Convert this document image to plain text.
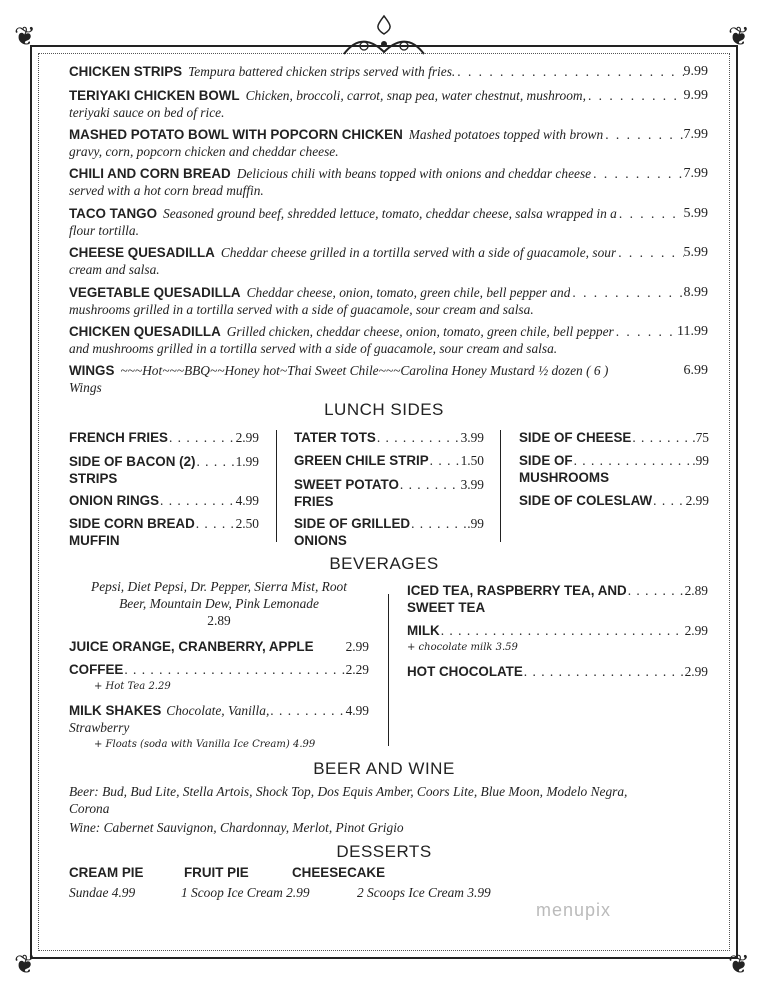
❦	❦
❦	❦
CHICKEN STRIPS Tempura battered chicken strips served with fries. . . .	9.99
TERIYAKI CHICKEN BOWL Chicken, broccoli, carrot, snap pea, water chestnut, mushroom, . . .	9.99
teriyaki sauce on bed of rice.
MASHED POTATO BOWL WITH POPCORN CHICKEN Mashed potatoes topped with brown . . .	7.99
gravy, corn, popcorn chicken and cheddar cheese.
CHILI AND CORN BREAD Delicious chili with beans topped with onions and cheddar cheese . . .	7.99
served with a hot corn bread muffin.
TACO TANGO Seasoned ground beef, shredded lettuce, tomato, cheddar cheese, salsa wrapped in a . . .	5.99
flour tortilla.
CHEESE QUESADILLA Cheddar cheese grilled in a tortilla served with a side of guacamole, sour . . .	5.99
cream and salsa.
VEGETABLE QUESADILLA Cheddar cheese, onion, tomato, green chile, bell pepper and . . .	8.99
mushrooms grilled in a tortilla served with a side of guacamole, sour cream and salsa.
CHICKEN QUESADILLA Grilled chicken, cheddar cheese, onion, tomato, green chile, bell pepper . . .	11.99
and mushrooms grilled in a tortilla served with a side of guacamole, sour cream and salsa.
WINGS ~~~Hot~~~BBQ~~Honey hot~Thai Sweet Chile~~~Carolina Honey Mustard ½ dozen ( 6 )	6.99
Wings
LUNCH SIDES
FRENCH FRIES . . .	2.99
SIDE OF BACON (2) . . .	1.99
STRIPS
ONION RINGS . . .	4.99
SIDE CORN BREAD . . .	2.50
MUFFIN
TATER TOTS . . .	3.99
GREEN CHILE STRIP . . . 1.50
SWEET POTATO . . .	3.99
FRIES
SIDE OF GRILLED . . .	.99
ONIONS
SIDE OF CHEESE . . .	.75
SIDE OF . . .	.99
MUSHROOMS
SIDE OF COLESLAW . . . 2.99
BEVERAGES
Pepsi, Diet Pepsi, Dr. Pepper, Sierra Mist, Root
Beer, Mountain Dew, Pink Lemonade
2.89
JUICE ORANGE, CRANBERRY, APPLE	2.99
COFFEE . . .	2.29
+ Hot Tea 2.29
MILK SHAKES Chocolate, Vanilla, . . .	4.99
Strawberry
+ Floats (soda with Vanilla Ice Cream) 4.99
ICED TEA, RASPBERRY TEA, AND . . .	2.89
SWEET TEA
MILK . . .	2.99
+ chocolate milk 3.59
HOT CHOCOLATE . . .	2.99
BEER AND WINE
Beer: Bud, Bud Lite, Stella Artois, Shock Top, Dos Equis Amber, Coors Lite, Blue Moon, Modelo Negra,
Corona
Wine: Cabernet Sauvignon, Chardonnay, Merlot, Pinot Grigio
DESSERTS
CREAM PIE	FRUIT PIE	CHEESECAKE
Sundae 4.99	1 Scoop Ice Cream 2.99	2 Scoops Ice Cream 3.99
menupix
